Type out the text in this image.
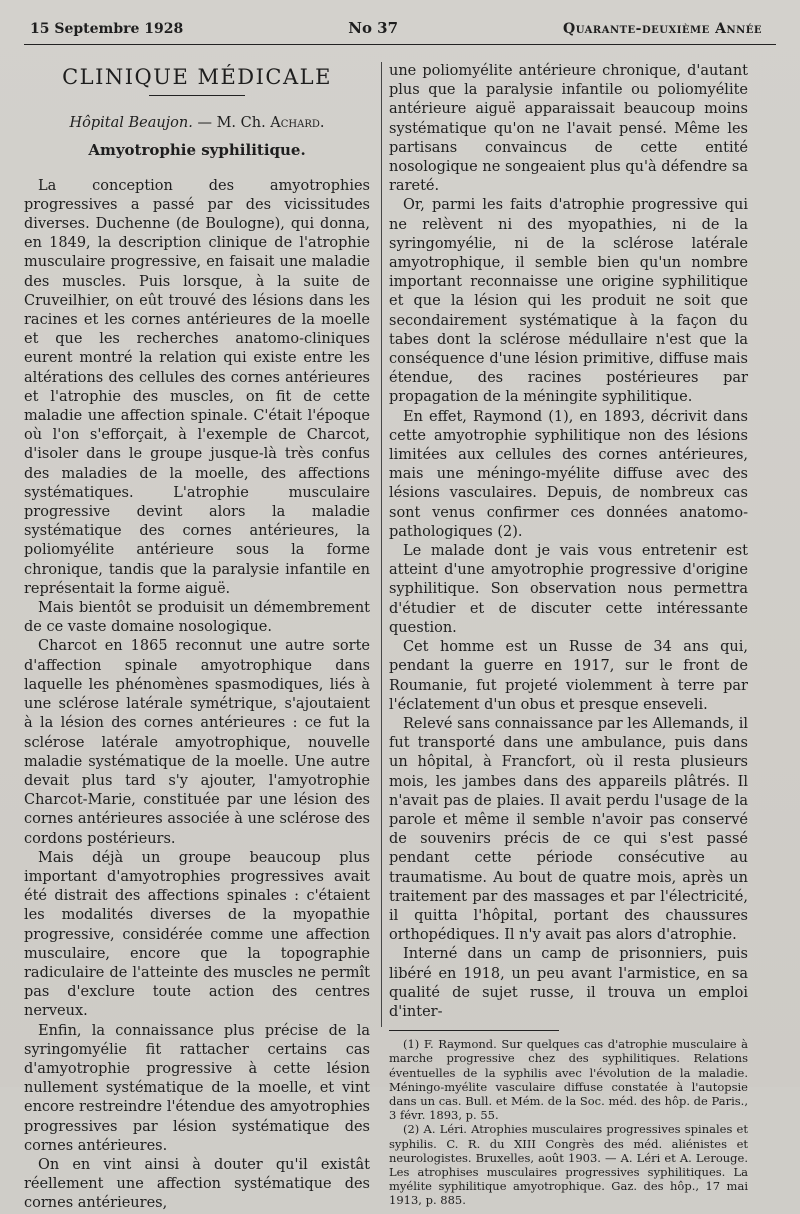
15 Septembre 1928	No 37	Quarante-deuxième Année
CLINIQUE MÉDICALE
Hôpital Beaujon. — M. Ch. Achard.
Amyotrophie syphilitique.

La conception des amyotrophies progressives a passé par des vicissitudes diverses. Duchenne (de Boulogne), qui donna, en 1849, la description clinique de l'atrophie musculaire progressive, en faisait une maladie des muscles. Puis lorsque, à la suite de Cruveilhier, on eût trouvé des lésions dans les racines et les cornes antérieures de la moelle et que les recherches anatomo-cliniques eurent montré la relation qui existe entre les altérations des cellules des cornes antérieures et l'atrophie des muscles, on fit de cette maladie une affection spinale. C'était l'époque où l'on s'efforçait, à l'exemple de Charcot, d'isoler dans le groupe jusque-là très confus des maladies de la moelle, des affections systématiques. L'atrophie musculaire progressive devint alors la maladie systématique des cornes antérieures, la poliomyélite antérieure sous la forme chronique, tandis que la paralysie infantile en représentait la forme aiguë.

Mais bientôt se produisit un démembrement de ce vaste domaine nosologique.

Charcot en 1865 reconnut une autre sorte d'affection spinale amyotrophique dans laquelle les phénomènes spasmodiques, liés à une sclérose latérale symétrique, s'ajoutaient à la lésion des cornes antérieures : ce fut la sclérose latérale amyotrophique, nouvelle maladie systématique de la moelle. Une autre devait plus tard s'y ajouter, l'amyotrophie Charcot-Marie, constituée par une lésion des cornes antérieures associée à une sclérose des cordons postérieurs.

Mais déjà un groupe beaucoup plus important d'amyotrophies progressives avait été distrait des affections spinales : c'étaient les modalités diverses de la myopathie progressive, considérée comme une affection musculaire, encore que la topographie radiculaire de l'atteinte des muscles ne permît pas d'exclure toute action des centres nerveux.

Enfin, la connaissance plus précise de la syringomyélie fit rattacher certains cas d'amyotrophie progressive à cette lésion nullement systématique de la moelle, et vint encore restreindre l'étendue des amyotrophies progressives par lésion systématique des cornes antérieures.

On en vint ainsi à douter qu'il existât réellement une affection systématique des cornes antérieures,

une poliomyélite antérieure chronique, d'autant plus que la paralysie infantile ou poliomyélite antérieure aiguë apparaissait beaucoup moins systématique qu'on ne l'avait pensé. Même les partisans convaincus de cette entité nosologique ne songeaient plus qu'à défendre sa rareté.

Or, parmi les faits d'atrophie progressive qui ne relèvent ni des myopathies, ni de la syringomyélie, ni de la sclérose latérale amyotrophique, il semble bien qu'un nombre important reconnaisse une origine syphilitique et que la lésion qui les produit ne soit que secondairement systématique à la façon du tabes dont la sclérose médullaire n'est que la conséquence d'une lésion primitive, diffuse mais étendue, des racines postérieures par propagation de la méningite syphilitique.

En effet, Raymond (1), en 1893, décrivit dans cette amyotrophie syphilitique non des lésions limitées aux cellules des cornes antérieures, mais une méningo-myélite diffuse avec des lésions vasculaires. Depuis, de nombreux cas sont venus confirmer ces données anatomo-pathologiques (2).

Le malade dont je vais vous entretenir est atteint d'une amyotrophie progressive d'origine syphilitique. Son observation nous permettra d'étudier et de discuter cette intéressante question.

Cet homme est un Russe de 34 ans qui, pendant la guerre en 1917, sur le front de Roumanie, fut projeté violemment à terre par l'éclatement d'un obus et presque enseveli.

Relevé sans connaissance par les Allemands, il fut transporté dans une ambulance, puis dans un hôpital, à Francfort, où il resta plusieurs mois, les jambes dans des appareils plâtrés. Il n'avait pas de plaies. Il avait perdu l'usage de la parole et même il semble n'avoir pas conservé de souvenirs précis de ce qui s'est passé pendant cette période consécutive au traumatisme. Au bout de quatre mois, après un traitement par des massages et par l'électricité, il quitta l'hôpital, portant des chaussures orthopédiques. Il n'y avait pas alors d'atrophie.

Interné dans un camp de prisonniers, puis libéré en 1918, un peu avant l'armistice, en sa qualité de sujet russe, il trouva un emploi d'inter-

(1) F. Raymond. Sur quelques cas d'atrophie musculaire à marche progressive chez des syphilitiques. Relations éventuelles de la syphilis avec l'évolution de la maladie. Méningo-myélite vasculaire diffuse constatée à l'autopsie dans un cas. Bull. et Mém. de la Soc. méd. des hôp. de Paris., 3 févr. 1893, p. 55.

(2) A. Léri. Atrophies musculaires progressives spinales et syphilis. C. R. du XIII Congrès des méd. aliénistes et neurologistes. Bruxelles, août 1903. — A. Léri et A. Lerouge. Les atrophises musculaires progressives syphilitiques. La myélite syphilitique amyotrophique. Gaz. des hôp., 17 mai 1913, p. 885.
